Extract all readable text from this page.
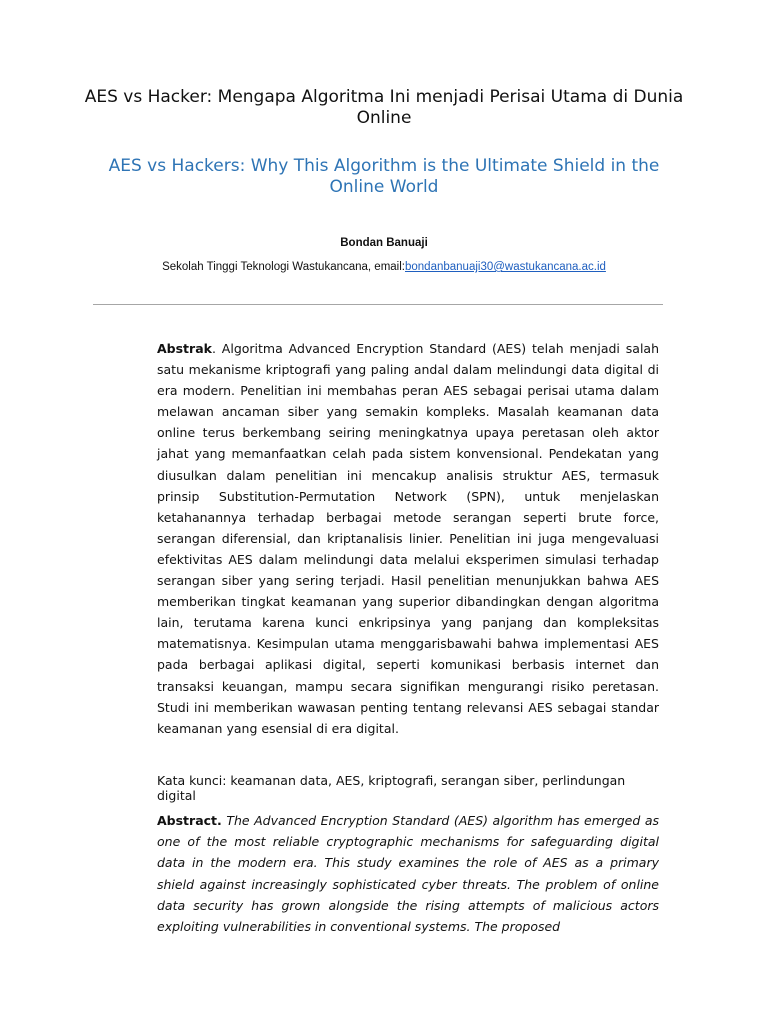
AES vs Hacker: Mengapa Algoritma Ini menjadi Perisai Utama di Dunia Online
AES vs Hackers: Why This Algorithm is the Ultimate Shield in the Online World
Bondan Banuaji
Sekolah Tinggi Teknologi Wastukancana, email:bondanbanuaji30@wastukancana.ac.id
Abstrak. Algoritma Advanced Encryption Standard (AES) telah menjadi salah satu mekanisme kriptografi yang paling andal dalam melindungi data digital di era modern. Penelitian ini membahas peran AES sebagai perisai utama dalam melawan ancaman siber yang semakin kompleks. Masalah keamanan data online terus berkembang seiring meningkatnya upaya peretasan oleh aktor jahat yang memanfaatkan celah pada sistem konvensional. Pendekatan yang diusulkan dalam penelitian ini mencakup analisis struktur AES, termasuk prinsip Substitution-Permutation Network (SPN), untuk menjelaskan ketahanannya terhadap berbagai metode serangan seperti brute force, serangan diferensial, dan kriptanalisis linier. Penelitian ini juga mengevaluasi efektivitas AES dalam melindungi data melalui eksperimen simulasi terhadap serangan siber yang sering terjadi. Hasil penelitian menunjukkan bahwa AES memberikan tingkat keamanan yang superior dibandingkan dengan algoritma lain, terutama karena kunci enkripsinya yang panjang dan kompleksitas matematisnya. Kesimpulan utama menggarisbawahi bahwa implementasi AES pada berbagai aplikasi digital, seperti komunikasi berbasis internet dan transaksi keuangan, mampu secara signifikan mengurangi risiko peretasan. Studi ini memberikan wawasan penting tentang relevansi AES sebagai standar keamanan yang esensial di era digital.
Kata kunci: keamanan data, AES, kriptografi, serangan siber, perlindungan digital
Abstract. The Advanced Encryption Standard (AES) algorithm has emerged as one of the most reliable cryptographic mechanisms for safeguarding digital data in the modern era. This study examines the role of AES as a primary shield against increasingly sophisticated cyber threats. The problem of online data security has grown alongside the rising attempts of malicious actors exploiting vulnerabilities in conventional systems. The proposed
